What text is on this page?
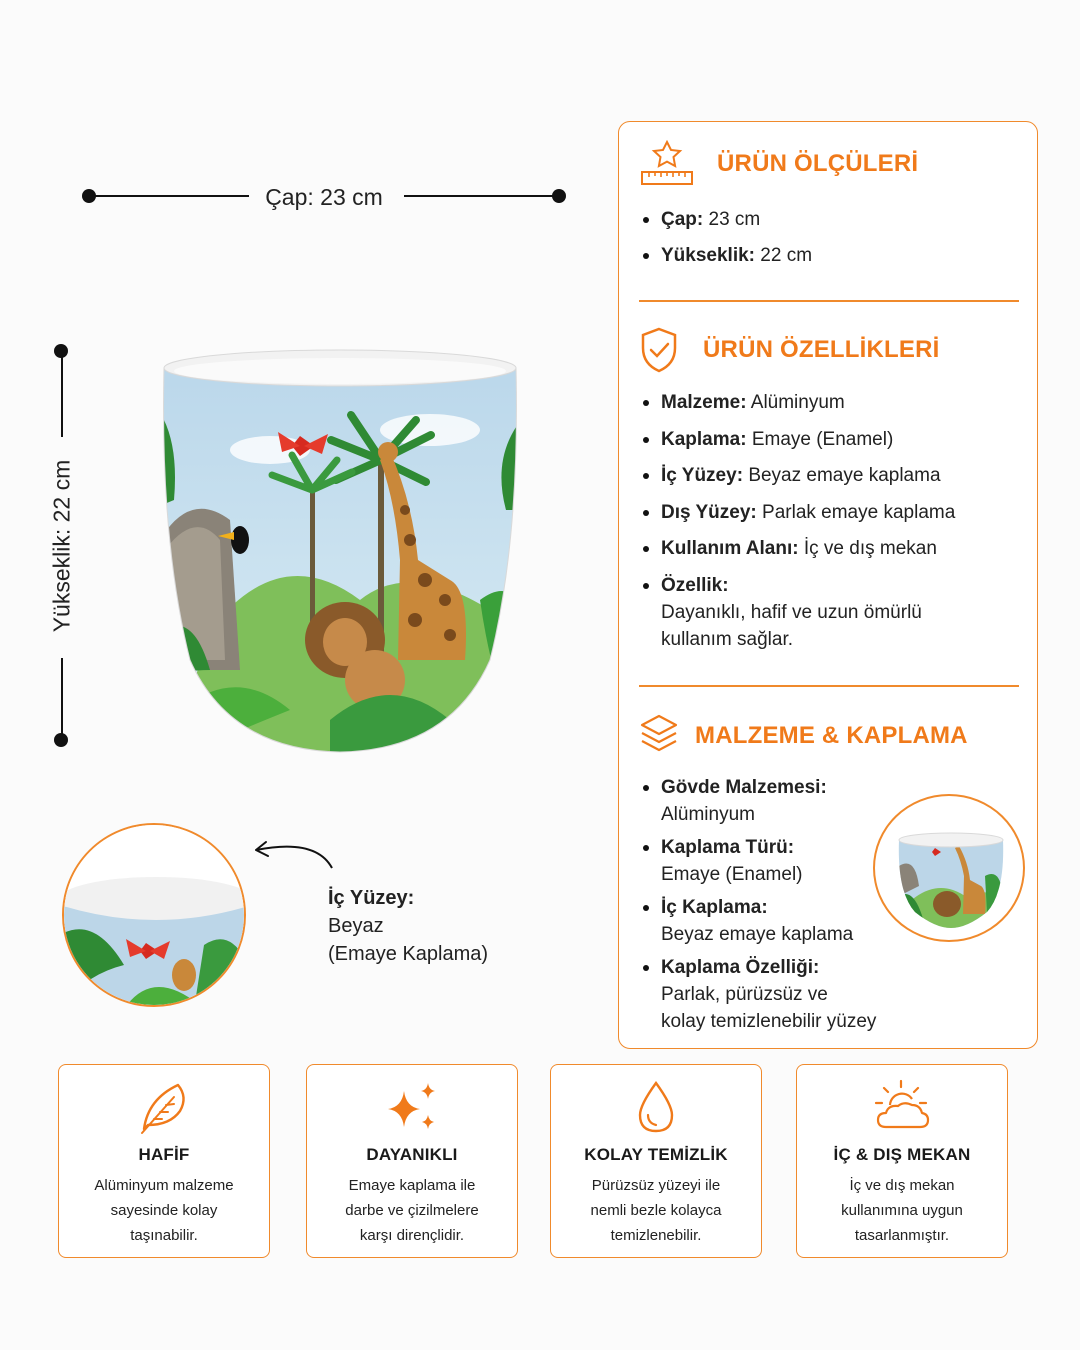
Çap: 23 cm
Yükseklik: 22 cm
İç Yüzey:
Beyaz
(Emaye Kaplama)
ÜRÜN ÖLÇÜLERİ
Çap: 23 cm
Yükseklik: 22 cm
ÜRÜN ÖZELLİKLERİ
Malzeme: Alüminyum
Kaplama: Emaye (Enamel)
İç Yüzey: Beyaz emaye kaplama
Dış Yüzey: Parlak emaye kaplama
Kullanım Alanı: İç ve dış mekan
Özellik:
Dayanıklı, hafif ve uzun ömürlü
kullanım sağlar.
MALZEME & KAPLAMA
Gövde Malzemesi:
Alüminyum
Kaplama Türü:
Emaye (Enamel)
İç Kaplama:
Beyaz emaye kaplama
Kaplama Özelliği:
Parlak, pürüzsüz ve
kolay temizlenebilir yüzey
HAFİF
Alüminyum malzeme
sayesinde kolay
taşınabilir.
DAYANIKLI
Emaye kaplama ile
darbe ve çizilmelere
karşı dirençlidir.
KOLAY TEMİZLİK
Pürüzsüz yüzeyi ile
nemli bezle kolayca
temizlenebilir.
İÇ & DIŞ MEKAN
İç ve dış mekan
kullanımına uygun
tasarlanmıştır.
